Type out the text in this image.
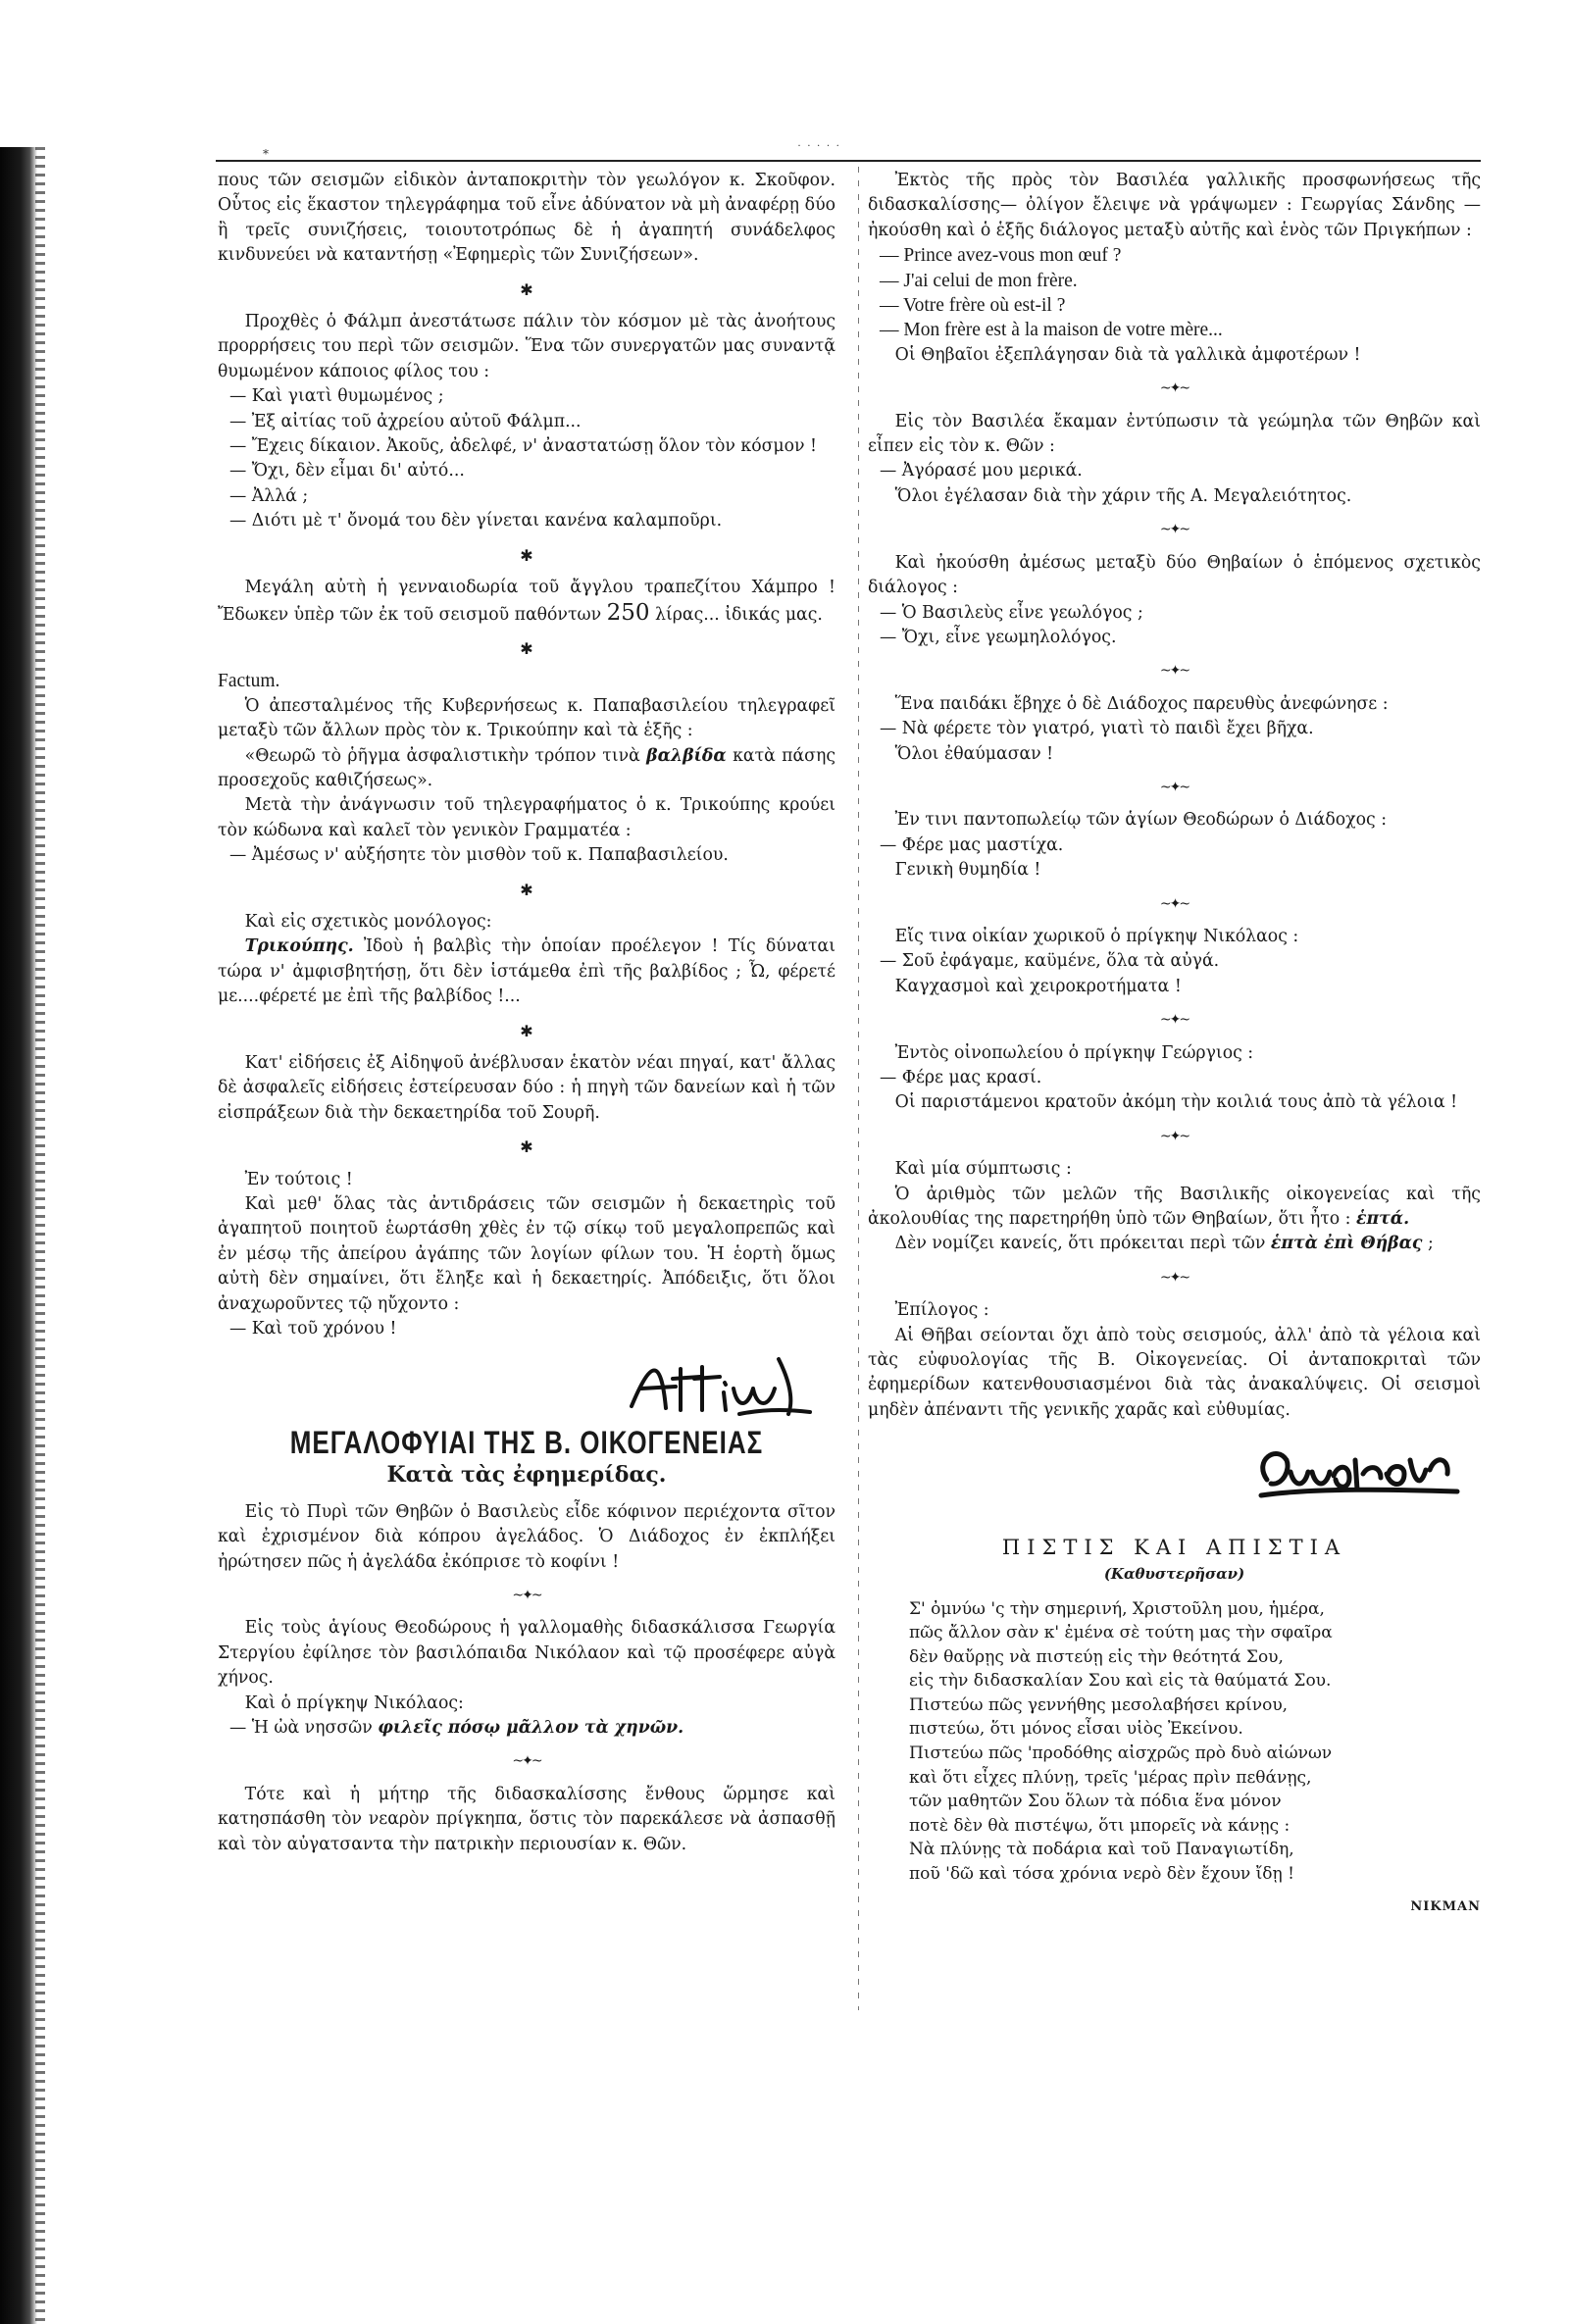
⁎	˙ ˙ ˙ ˙ ˙

πους τῶν σεισμῶν εἰδικὸν ἀνταποκριτὴν τὸν γεωλόγον κ. Σκοῦφον. Οὗτος εἰς ἕκαστον τηλεγράφημα τοῦ εἶνε ἀδύνατον νὰ μὴ ἀναφέρῃ δύο ἢ τρεῖς συνιζήσεις, τοιουτοτρόπως δὲ ἡ ἀγαπητή συνάδελφος κινδυνεύει νὰ καταντήσῃ «Ἐφημερὶς τῶν Συνιζήσεων».

✱

Προχθὲς ὁ Φάλμπ ἀνεστάτωσε πάλιν τὸν κόσμον μὲ τὰς ἀνοήτους προρρήσεις του περὶ τῶν σεισμῶν. Ἕνα τῶν συνεργατῶν μας συναντᾷ θυμωμένον κάποιος φίλος του :

— Καὶ γιατὶ θυμωμένος ;

— Ἐξ αἰτίας τοῦ ἀχρείου αὐτοῦ Φάλμπ...

— Ἔχεις δίκαιον. Ἀκοῦς, ἀδελφέ, ν' ἀναστατώσῃ ὅλον τὸν κόσμον !

— Ὄχι, δὲν εἶμαι δι' αὐτό...

— Ἀλλά ;

— Διότι μὲ τ' ὄνομά του δὲν γίνεται κανένα καλαμποῦρι.

✱

Μεγάλη αὐτὴ ἡ γενναιοδωρία τοῦ ἄγγλου τραπεζίτου Χάμπρο ! Ἔδωκεν ὑπὲρ τῶν ἐκ τοῦ σεισμοῦ παθόντων 250 λίρας... ἰδικάς μας.

✱

Factum.

Ὁ ἀπεσταλμένος τῆς Κυβερνήσεως κ. Παπαβασιλείου τηλεγραφεῖ μεταξὺ τῶν ἄλλων πρὸς τὸν κ. Τρικούπην καὶ τὰ ἑξῆς :

«Θεωρῶ τὸ ῥῆγμα ἀσφαλιστικὴν τρόπον τινὰ βαλβίδα κατὰ πάσης προσεχοῦς καθιζήσεως».

Μετὰ τὴν ἀνάγνωσιν τοῦ τηλεγραφήματος ὁ κ. Τρικούπης κρούει τὸν κώδωνα καὶ καλεῖ τὸν γενικὸν Γραμματέα :

— Ἀμέσως ν' αὐξήσητε τὸν μισθὸν τοῦ κ. Παπαβασιλείου.

✱

Καὶ εἰς σχετικὸς μονόλογος:

Τρικούπης. Ἰδοὺ ἡ βαλβὶς τὴν ὁποίαν προέλεγον ! Τίς δύναται τώρα ν' ἀμφισβητήσῃ, ὅτι δὲν ἱστάμεθα ἐπὶ τῆς βαλβίδος ; Ὦ, φέρετέ με....φέρετέ με ἐπὶ τῆς βαλβίδος !...

✱

Κατ' εἰδήσεις ἐξ Αἰδηψοῦ ἀνέβλυσαν ἑκατὸν νέαι πηγαί, κατ' ἄλλας δὲ ἀσφαλεῖς εἰδήσεις ἐστείρευσαν δύο : ἡ πηγὴ τῶν δανείων καὶ ἡ τῶν εἰσπράξεων διὰ τὴν δεκαετηρίδα τοῦ Σουρῆ.

✱

Ἐν τούτοις !

Καὶ μεθ' ὅλας τὰς ἀντιδράσεις τῶν σεισμῶν ἡ δεκαετηρὶς τοῦ ἀγαπητοῦ ποιητοῦ ἑωρτάσθη χθὲς ἐν τῷ σίκῳ τοῦ μεγαλοπρεπῶς καὶ ἐν μέσῳ τῆς ἀπείρου ἀγάπης τῶν λογίων φίλων του. Ἡ ἑορτὴ ὅμως αὐτὴ δὲν σημαίνει, ὅτι ἔληξε καὶ ἡ δεκαετηρίς. Ἀπόδειξις, ὅτι ὅλοι ἀναχωροῦντες τῷ ηὔχοντο :

— Καὶ τοῦ χρόνου !

ΜΕΓΑΛΟΦΥΙΑΙ ΤΗΣ Β. ΟΙΚΟΓΕΝΕΙΑΣ
Κατὰ τὰς ἐφημερίδας.

Εἰς τὸ Πυρὶ τῶν Θηβῶν ὁ Βασιλεὺς εἶδε κόφινον περιέχοντα σῖτον καὶ ἐχρισμένον διὰ κόπρου ἀγελάδος. Ὁ Διάδοχος ἐν ἐκπλήξει ἠρώτησεν πῶς ἡ ἀγελάδα ἐκόπρισε τὸ κοφίνι !

~✦~

Εἰς τοὺς ἁγίους Θεοδώρους ἡ γαλλομαθὴς διδασκάλισσα Γεωργία Στεργίου ἐφίλησε τὸν βασιλόπαιδα Νικόλαον καὶ τῷ προσέφερε αὐγὰ χήνος.

Καὶ ὁ πρίγκηψ Νικόλαος:

— Ἡ ὠὰ νησσῶν φιλεῖς πόσῳ μᾶλλον τὰ χηνῶν.

~✦~

Τότε καὶ ἡ μήτηρ τῆς διδασκαλίσσης ἔνθους ὥρμησε καὶ κατησπάσθη τὸν νεαρὸν πρίγκηπα, ὅστις τὸν παρεκάλεσε νὰ ἀσπασθῇ καὶ τὸν αὐγατσαντα τὴν πατρικὴν περιουσίαν κ. Θῶν.

Ἐκτὸς τῆς πρὸς τὸν Βασιλέα γαλλικῆς προσφωνήσεως τῆς διδασκαλίσσης— ὀλίγον ἔλειψε νὰ γράψωμεν : Γεωργίας Σάνδης — ἠκούσθη καὶ ὁ ἑξῆς διάλογος μεταξὺ αὐτῆς καὶ ἑνὸς τῶν Πριγκήπων :

— Prince avez-vous mon œuf ?

— J'ai celui de mon frère.

— Votre frère où est-il ?

— Mon frère est à la maison de votre mère...

Οἱ Θηβαῖοι ἐξεπλάγησαν διὰ τὰ γαλλικὰ ἀμφοτέρων !

~✦~

Εἰς τὸν Βασιλέα ἔκαμαν ἐντύπωσιν τὰ γεώμηλα τῶν Θηβῶν καὶ εἶπεν εἰς τὸν κ. Θῶν :

— Ἀγόρασέ μου μερικά.

Ὅλοι ἐγέλασαν διὰ τὴν χάριν τῆς Α. Μεγαλειότητος.

~✦~

Καὶ ἠκούσθη ἀμέσως μεταξὺ δύο Θηβαίων ὁ ἑπόμενος σχετικὸς διάλογος :

— Ὁ Βασιλεὺς εἶνε γεωλόγος ;

— Ὄχι, εἶνε γεωμηλολόγος.

~✦~

Ἕνα παιδάκι ἔβηχε ὁ δὲ Διάδοχος παρευθὺς ἀνεφώνησε :

— Νὰ φέρετε τὸν γιατρό, γιατὶ τὸ παιδὶ ἔχει βῆχα.

Ὅλοι ἐθαύμασαν !

~✦~

Ἐν τινι παντοπωλείῳ τῶν ἁγίων Θεοδώρων ὁ Διάδοχος :

— Φέρε μας μαστίχα.

Γενικὴ θυμηδία !

~✦~

Εἴς τινα οἰκίαν χωρικοῦ ὁ πρίγκηψ Νικόλαος :

— Σοῦ ἐφάγαμε, καϋμένε, ὅλα τὰ αὐγά.

Καγχασμοὶ καὶ χειροκροτήματα !

~✦~

Ἐντὸς οἰνοπωλείου ὁ πρίγκηψ Γεώργιος :

— Φέρε μας κρασί.

Οἱ παριστάμενοι κρατοῦν ἀκόμη τὴν κοιλιά τους ἀπὸ τὰ γέλοια !

~✦~

Καὶ μία σύμπτωσις :

Ὁ ἀριθμὸς τῶν μελῶν τῆς Βασιλικῆς οἰκογενείας καὶ τῆς ἀκολουθίας της παρετηρήθη ὑπὸ τῶν Θηβαίων, ὅτι ἦτο : ἑπτά.

Δὲν νομίζει κανείς, ὅτι πρόκειται περὶ τῶν ἑπτὰ ἐπὶ Θήβας ;

~✦~

Ἐπίλογος :

Αἱ Θῆβαι σείονται ὄχι ἀπὸ τοὺς σεισμούς, ἀλλ' ἀπὸ τὰ γέλοια καὶ τὰς εὐφυολογίας τῆς Β. Οἰκογενείας. Οἱ ἀνταποκριταὶ τῶν ἐφημερίδων κατενθουσιασμένοι διὰ τὰς ἀνακαλύψεις. Οἱ σεισμοὶ μηδὲν ἀπέναντι τῆς γενικῆς χαρᾶς καὶ εὐθυμίας.

ΠΙΣΤΙΣ ΚΑΙ ΑΠΙΣΤΙΑ
(Καθυστερῆσαν)
Σ' ὀμνύω 'ς τὴν σημερινή, Χριστοῦλη μου, ἡμέρα,
πῶς ἄλλον σὰν κ' ἐμένα σὲ τούτη μας τὴν σφαῖρα
δὲν θαὔρῃς νὰ πιστεύῃ εἰς τὴν θεότητά Σου,
εἰς τὴν διδασκαλίαν Σου καὶ εἰς τὰ θαύματά Σου.
Πιστεύω πῶς γεννήθης μεσολαβήσει κρίνου,
πιστεύω, ὅτι μόνος εἶσαι υἱὸς Ἐκείνου.
Πιστεύω πῶς 'προδόθης αἰσχρῶς πρὸ δυὸ αἰώνων
καὶ ὅτι εἶχες πλύνῃ, τρεῖς 'μέρας πρὶν πεθάνῃς,
τῶν μαθητῶν Σου ὅλων τὰ πόδια ἕνα μόνον
ποτὲ δὲν θὰ πιστέψω, ὅτι μπορεῖς νὰ κάνῃς :
Νὰ πλύνῃς τὰ ποδάρια καὶ τοῦ Παναγιωτίδη,
ποῦ 'δῶ καὶ τόσα χρόνια νερὸ δὲν ἔχουν ἴδῃ !
ΝΙΚΜΑΝ
